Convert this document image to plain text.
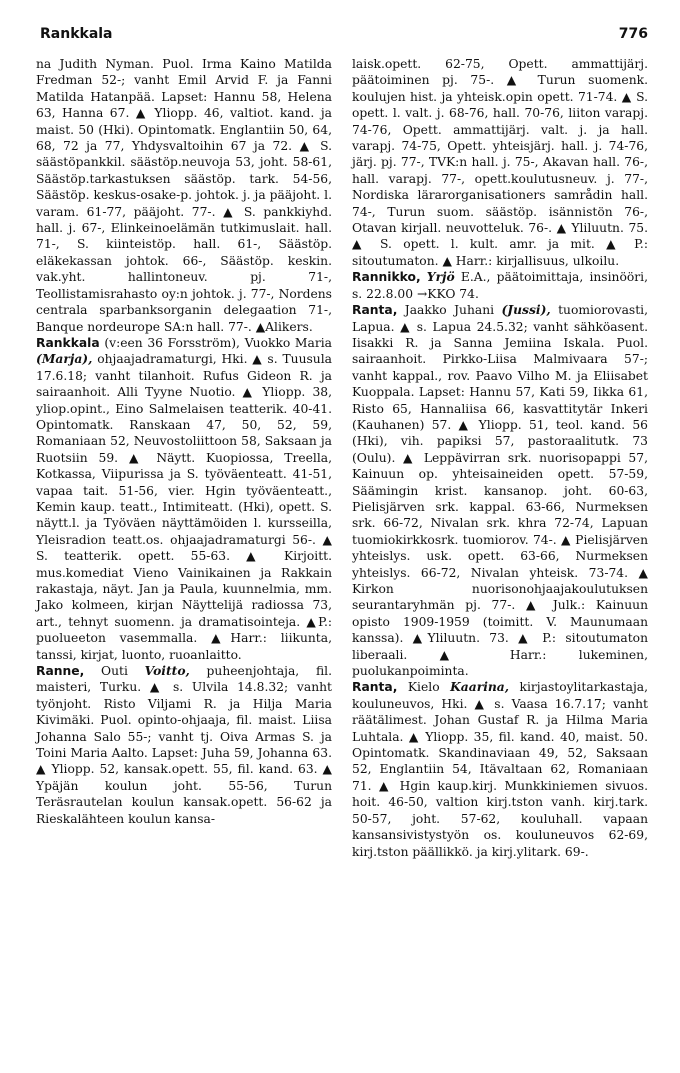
Rankkala	776

na Judith Nyman. Puol. Irma Kaino Matilda Fredman 52-; vanht Emil Arvid F. ja Fanni Matilda Hatanpää. Lapset: Hannu 58, Helena 63, Hanna 67. ▲ Yliopp. 46, valtiot. kand. ja maist. 50 (Hki). Opintomatk. Englantiin 50, 64, 68, 72 ja 77, Yhdysvaltoihin 67 ja 72. ▲ S. säästöpankkil. säästöp.neuvoja 53, joht. 58-61, Säästöp.tarkastuksen säästöp. tark. 54-56, Säästöp. keskus-osake-p. johtok. j. ja pääjoht. l. varam. 61-77, pääjoht. 77-. ▲ S. pankkiyhd. hall. j. 67-, Elinkeinoelämän tutkimuslait. hall. 71-, S. kiinteistöp. hall. 61-, Säästöp. eläkekassan johtok. 66-, Säästöp. keskin. vak.yht. hallintoneuv. pj. 71-, Teollistamisrahasto oy:n johtok. j. 77-, Nordens centrala sparbanksorganin delegaation 71-, Banque nordeurope SA:n hall. 77-. ▲Alikers.

Rankkala (v:een 36 Forsström), Vuokko Maria (Marja), ohjaajadramaturgi, Hki. ▲ s. Tuusula 17.6.18; vanht tilanhoit. Rufus Gideon R. ja sairaanhoit. Alli Tyyne Nuotio. ▲ Yliopp. 38, yliop.opint., Eino Salmelaisen teatterik. 40-41. Opintomatk. Ranskaan 47, 50, 52, 59, Romaniaan 52, Neuvostoliittoon 58, Saksaan ja Ruotsiin 59. ▲ Näytt. Kuopiossa, Treella, Kotkassa, Viipurissa ja S. työväenteatt. 41-51, vapaa tait. 51-56, vier. Hgin työväenteatt., Kemin kaup. teatt., Intimiteatt. (Hki), opett. S. näytt.l. ja Työväen näyttämöiden l. kursseilla, Yleisradion teatt.os. ohjaajadramaturgi 56-. ▲ S. teatterik. opett. 55-63. ▲ Kirjoitt. mus.komediat Vieno Vainikainen ja Rakkain rakastaja, näyt. Jan ja Paula, kuunnelmia, mm. Jako kolmeen, kirjan Näyttelijä radiossa 73, art., tehnyt suomenn. ja dramatisointeja. ▲P.: puolueeton vasemmalla. ▲Harr.: liikunta, tanssi, kirjat, luonto, ruoanlaitto.

Ranne, Outi Voitto, puheenjohtaja, fil. maisteri, Turku. ▲ s. Ulvila 14.8.32; vanht työnjoht. Risto Viljami R. ja Hilja Maria Kivimäki. Puol. opinto-ohjaaja, fil. maist. Liisa Johanna Salo 55-; vanht tj. Oiva Armas S. ja Toini Maria Aalto. Lapset: Juha 59, Johanna 63. ▲ Yliopp. 52, kansak.opett. 55, fil. kand. 63. ▲ Ypäjän koulun joht. 55-56, Turun Teräsrautelan koulun kansak.opett. 56-62 ja Rieskalähteen koulun kansa-

laisk.opett. 62-75, Opett. ammattijärj. päätoiminen pj. 75-. ▲ Turun suomenk. koulujen hist. ja yhteisk.opin opett. 71-74. ▲ S. opett. l. valt. j. 68-76, hall. 70-76, liiton varapj. 74-76, Opett. ammattijärj. valt. j. ja hall. varapj. 74-75, Opett. yhteisjärj. hall. j. 74-76, järj. pj. 77-, TVK:n hall. j. 75-, Akavan hall. 76-, hall. varapj. 77-, opett.koulutusneuv. j. 77-, Nordiska lärarorganisationers samrådin hall. 74-, Turun suom. säästöp. isännistön 76-, Otavan kirjall. neuvotteluk. 76-. ▲ Yliluutn. 75. ▲ S. opett. l. kult. amr. ja mit. ▲ P.: sitoutumaton. ▲ Harr.: kirjallisuus, ulkoilu.

Rannikko, Yrjö E.A., päätoimittaja, insinööri, s. 22.8.00 →KKO 74.

Ranta, Jaakko Juhani (Jussi), tuomiorovasti, Lapua. ▲ s. Lapua 24.5.32; vanht sähköasent. Iisakki R. ja Sanna Jemiina Iskala. Puol. sairaanhoit. Pirkko-Liisa Malmivaara 57-; vanht kappal., rov. Paavo Vilho M. ja Eliisabet Kuoppala. Lapset: Hannu 57, Kati 59, Iikka 61, Risto 65, Hannaliisa 66, kasvattitytär Inkeri (Kauhanen) 57. ▲ Yliopp. 51, teol. kand. 56 (Hki), vih. papiksi 57, pastoraalitutk. 73 (Oulu). ▲ Leppävirran srk. nuorisopappi 57, Kainuun op. yhteisaineiden opett. 57-59, Säämingin krist. kansanop. joht. 60-63, Pielisjärven srk. kappal. 63-66, Nurmeksen srk. 66-72, Nivalan srk. khra 72-74, Lapuan tuomiokirkkosrk. tuomiorov. 74-. ▲ Pielisjärven yhteislys. usk. opett. 63-66, Nurmeksen yhteislys. 66-72, Nivalan yhteisk. 73-74. ▲ Kirkon nuorisonohjaajakoulutuksen seurantaryhmän pj. 77-. ▲ Julk.: Kainuun opisto 1909-1959 (toimitt. V. Maunumaan kanssa). ▲Yliluutn. 73. ▲ P.: sitoutumaton liberaali. ▲ Harr.: lukeminen, puolukanpoiminta.

Ranta, Kielo Kaarina, kirjastoylitarkastaja, kouluneuvos, Hki. ▲ s. Vaasa 16.7.17; vanht räätälimest. Johan Gustaf R. ja Hilma Maria Luhtala. ▲ Yliopp. 35, fil. kand. 40, maist. 50. Opintomatk. Skandinaviaan 49, 52, Saksaan 52, Englantiin 54, Itävaltaan 62, Romaniaan 71. ▲ Hgin kaup.kirj. Munkkiniemen sivuos. hoit. 46-50, valtion kirj.tston vanh. kirj.tark. 50-57, joht. 57-62, kouluhall. vapaan kansansivistystyön os. kouluneuvos 62-69, kirj.tston päällikkö. ja kirj.ylitark. 69-.
